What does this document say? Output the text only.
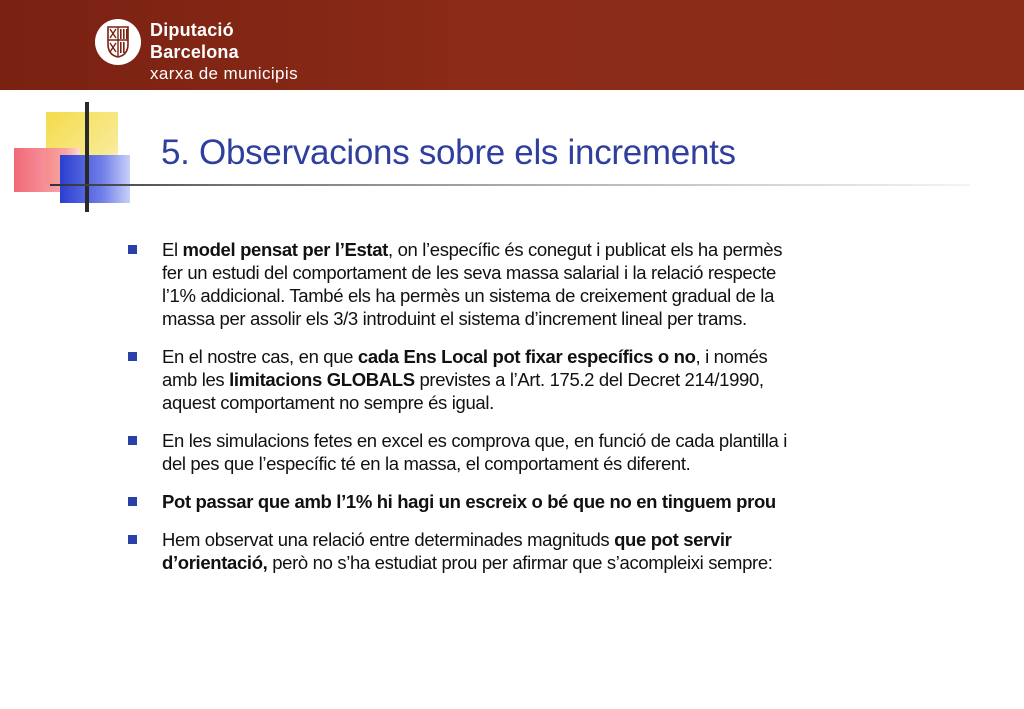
Diputació
Barcelona
xarxa de municipis
5. Observacions sobre els increments
El model pensat per l’Estat, on l’específic és conegut i publicat els ha permès
fer un estudi del comportament de les seva massa salarial i la relació respecte
l’1% addicional. També els ha permès un sistema de creixement gradual de la
massa per assolir els 3/3 introduint el sistema d’increment lineal per trams.
En el nostre cas, en que cada Ens Local pot fixar específics o no, i només
amb les limitacions GLOBALS previstes a l’Art. 175.2 del Decret 214/1990,
aquest comportament no sempre és igual.
En les simulacions fetes en excel es comprova que, en funció de cada plantilla i
del pes que l’específic té en la massa, el comportament és diferent.
Pot passar que amb l’1% hi hagi un escreix o bé que no en tinguem prou
Hem observat una relació entre determinades magnituds que pot servir
d’orientació, però no s’ha estudiat prou per afirmar que s’acompleixi sempre:
